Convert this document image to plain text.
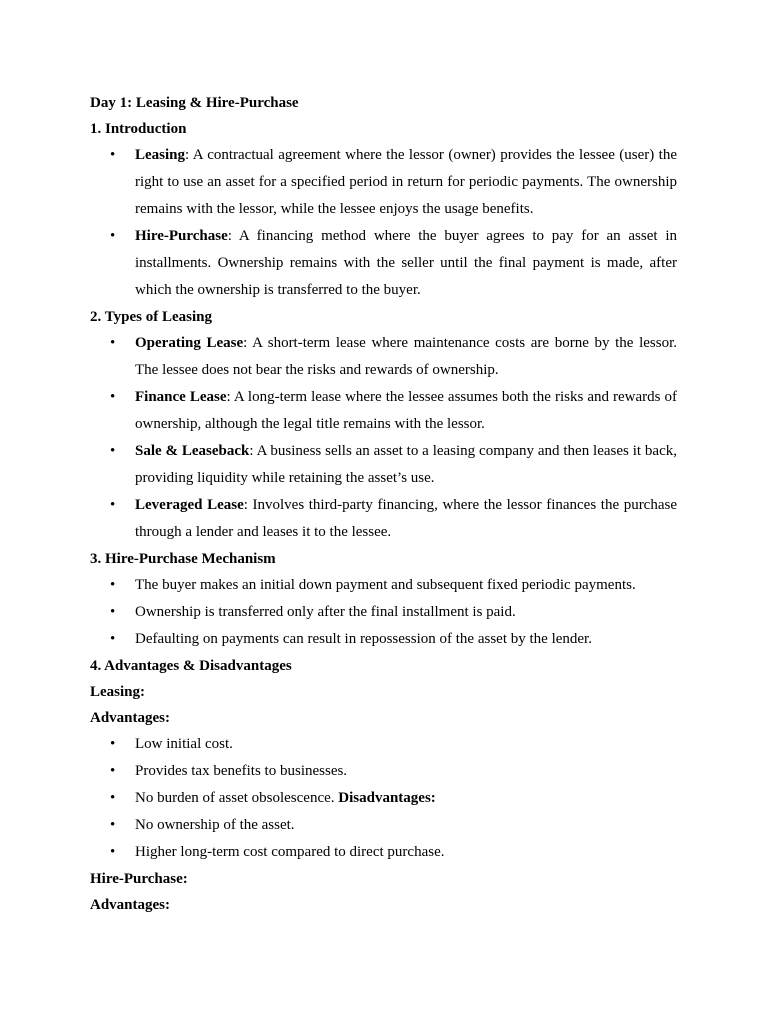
Day 1: Leasing & Hire-Purchase

1. Introduction

• Leasing: A contractual agreement where the lessor (owner) provides the lessee (user) the right to use an asset for a specified period in return for periodic payments. The ownership remains with the lessor, while the lessee enjoys the usage benefits.
• Hire-Purchase: A financing method where the buyer agrees to pay for an asset in installments. Ownership remains with the seller until the final payment is made, after which the ownership is transferred to the buyer.

2. Types of Leasing

• Operating Lease: A short-term lease where maintenance costs are borne by the lessor. The lessee does not bear the risks and rewards of ownership.
• Finance Lease: A long-term lease where the lessee assumes both the risks and rewards of ownership, although the legal title remains with the lessor.
• Sale & Leaseback: A business sells an asset to a leasing company and then leases it back, providing liquidity while retaining the asset’s use.
• Leveraged Lease: Involves third-party financing, where the lessor finances the purchase through a lender and leases it to the lessee.

3. Hire-Purchase Mechanism

• The buyer makes an initial down payment and subsequent fixed periodic payments.
• Ownership is transferred only after the final installment is paid.
• Defaulting on payments can result in repossession of the asset by the lender.

4. Advantages & Disadvantages

Leasing:

Advantages:

• Low initial cost.
• Provides tax benefits to businesses.
• No burden of asset obsolescence. Disadvantages:
• No ownership of the asset.
• Higher long-term cost compared to direct purchase.

Hire-Purchase:

Advantages:
